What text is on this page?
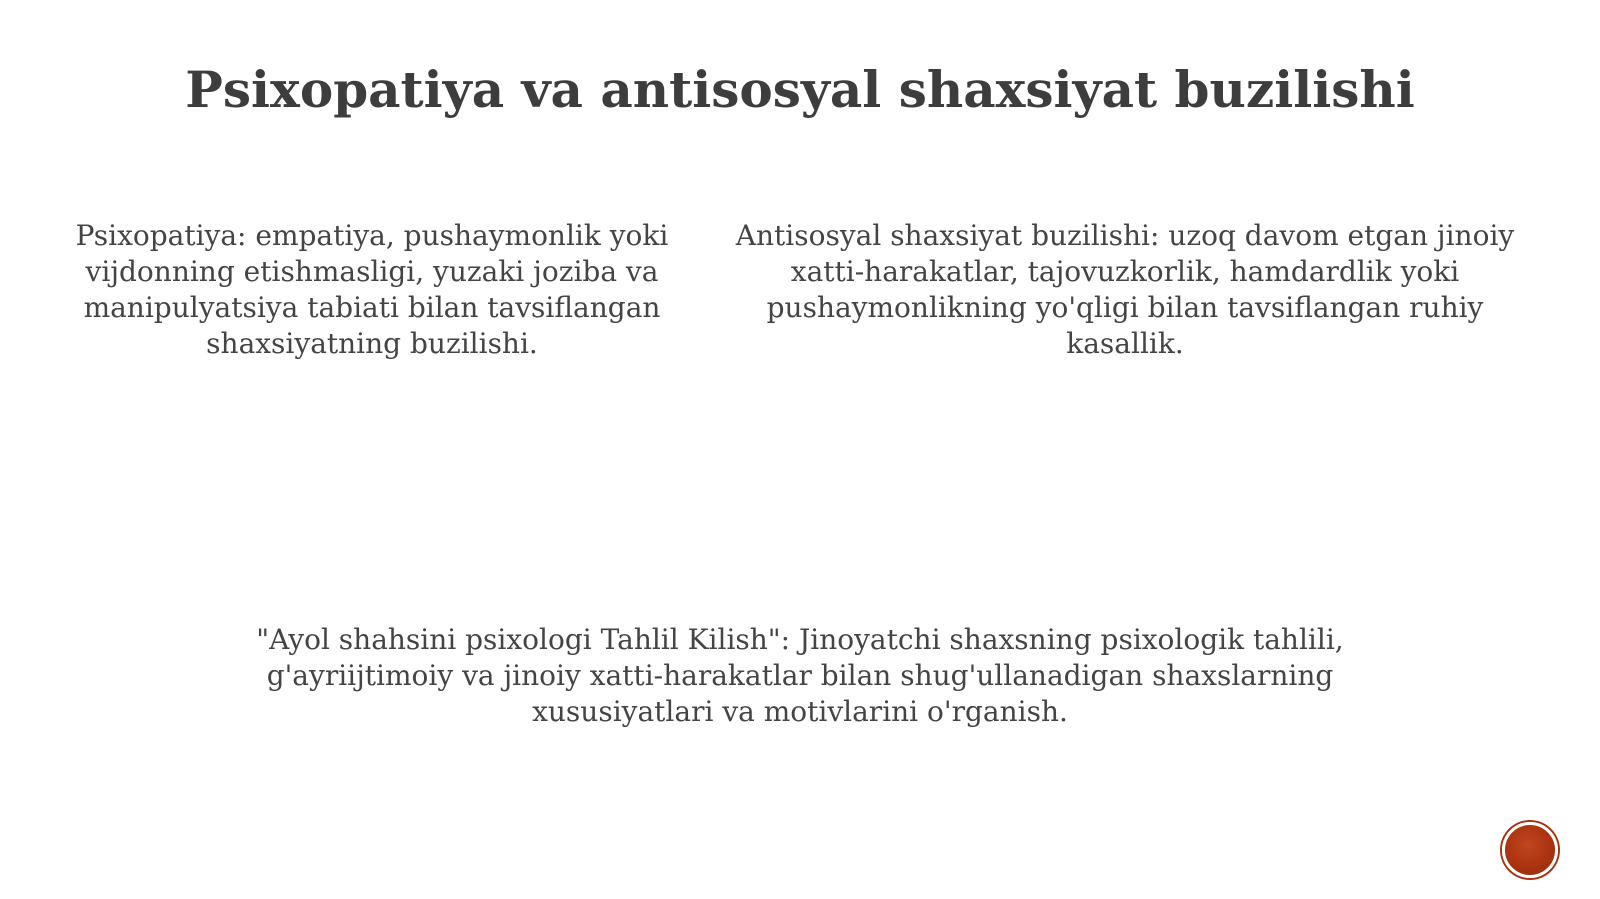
Psixopatiya va antisosyal shaxsiyat buzilishi

Psixopatiya: empatiya, pushaymonlik yoki vijdonning etishmasligi, yuzaki joziba va manipulyatsiya tabiati bilan tavsiflangan shaxsiyatning buzilishi.

Antisosyal shaxsiyat buzilishi: uzoq davom etgan jinoiy xatti-harakatlar, tajovuzkorlik, hamdardlik yoki pushaymonlikning yo'qligi bilan tavsiflangan ruhiy kasallik.

"Ayol shahsini psixologi Tahlil Kilish": Jinoyatchi shaxsning psixologik tahlili, g'ayriijtimoiy va jinoiy xatti-harakatlar bilan shug'ullanadigan shaxslarning xususiyatlari va motivlarini o'rganish.
